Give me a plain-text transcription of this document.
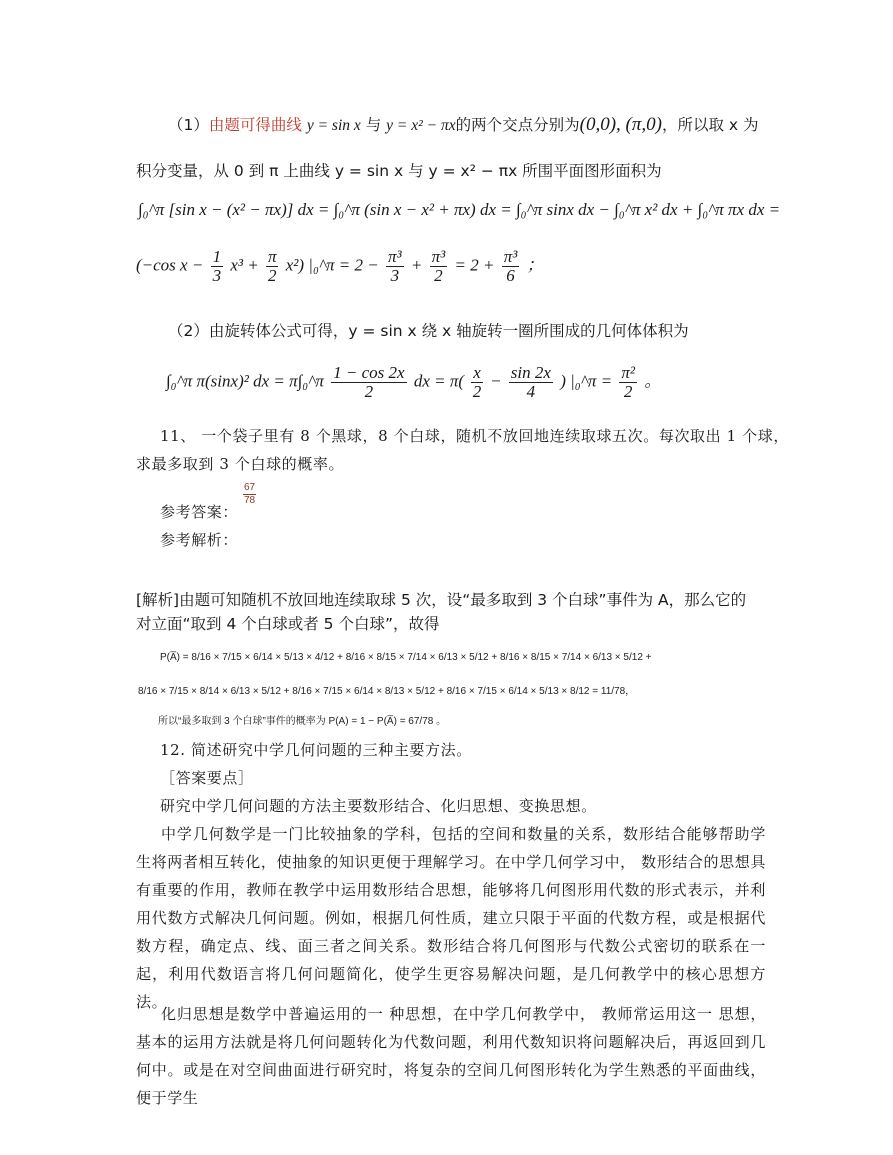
（1）由题可得曲线 y = sin x 与 y = x² − πx的两个交点分别为(0,0), (π,0)，所以取 x 为
积分变量，从 0 到 π 上曲线 y = sin x 与 y = x² − πx 所围平面图形面积为
∫₀^π [sin x − (x² − πx)] dx = ∫₀^π (sin x − x² + πx) dx = ∫₀^π sinx dx − ∫₀^π x² dx + ∫₀^π πx dx =
(−cos $x - \frac{1}{3} x^3 + \frac{\pi}{2} x^2$) |₀^π = $2 - \frac{\text{π³}}{3} + \frac{\text{π³}}{2} = 2 + \frac{\text{π³}}{6}$ ；
（2）由旋转体公式可得，y = sin x 绕 x 轴旋转一圈所围成的几何体体积为
∫₀^π π(sinx)² dx = π∫₀^π $\frac{1 - \cos 2x}{2}$ dx = $\pi( \frac{x}{2} - \frac{\sin 2x}{4}$ ) |₀^π = $\frac{\text{π²}}{2}$ 。
11、 一个袋子里有 8 个黑球，8 个白球，随机不放回地连续取球五次。每次取出 1 个球，
求最多取到 3 个白球的概率。
参考答案：
$\frac{67}{78}$
参考解析：
[解析]由题可知随机不放回地连续取球 5 次，设“最多取到 3 个白球”事件为 A，那么它的
对立面“取到 4 个白球或者 5 个白球”，故得
P(A̅) = 8/16 × 7/15 × 6/14 × 5/13 × 4/12 + 8/16 × 8/15 × 7/14 × 6/13 × 5/12 + 8/16 × 8/15 × 7/14 × 6/13 × 5/12 +
8/16 × 7/15 × 8/14 × 6/13 × 5/12 + 8/16 × 7/15 × 6/14 × 8/13 × 5/12 + 8/16 × 7/15 × 6/14 × 5/13 × 8/12 = 11/78，
所以“最多取到 3 个白球”事件的概率为 P(A) = 1 − P(A̅) = 67/78 。
12. 简述研究中学几何问题的三种主要方法。
［答案要点］
研究中学几何问题的方法主要数形结合、化归思想、变换思想。
中学几何数学是一门比较抽象的学科，包括的空间和数量的关系，数形结合能够帮助学生将两者相互转化，使抽象的知识更便于理解学习。在中学几何学习中， 数形结合的思想具有重要的作用，教师在教学中运用数形结合思想，能够将几何图形用代数的形式表示，并利用代数方式解决几何问题。例如，根据几何性质，建立只限于平面的代数方程，或是根据代数方程，确定点、线、面三者之间关系。数形结合将几何图形与代数公式密切的联系在一起，利用代数语言将几何问题简化，使学生更容易解决问题，是几何教学中的核心思想方法。
化归思想是数学中普遍运用的一 种思想，在中学几何教学中， 教师常运用这一 思想，基本的运用方法就是将几何问题转化为代数问题，利用代数知识将问题解决后，再返回到几何中。或是在对空间曲面进行研究时，将复杂的空间几何图形转化为学生熟悉的平面曲线， 便于学生
